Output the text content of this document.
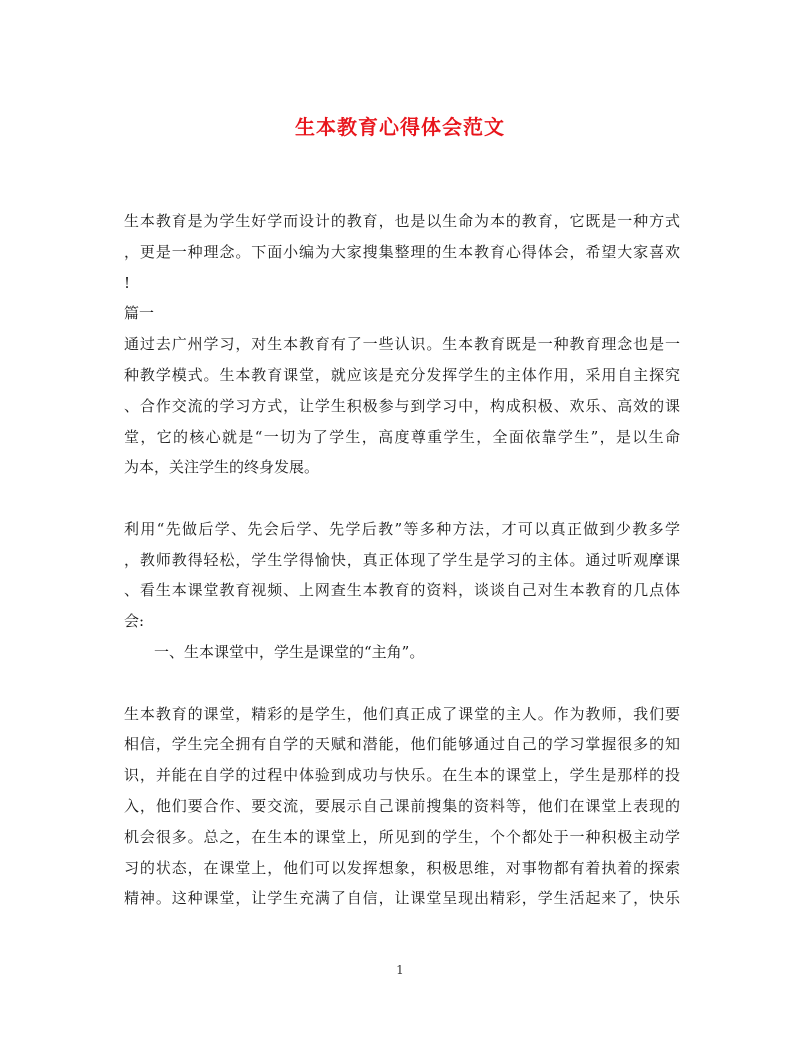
生本教育心得体会范文
生本教育是为学生好学而设计的教育，也是以生命为本的教育，它既是一种方式
，更是一种理念。下面小编为大家搜集整理的生本教育心得体会，希望大家喜欢
!
篇一
通过去广州学习，对生本教育有了一些认识。生本教育既是一种教育理念也是一
种教学模式。生本教育课堂，就应该是充分发挥学生的主体作用，采用自主探究
、合作交流的学习方式，让学生积极参与到学习中，构成积极、欢乐、高效的课
堂，它的核心就是“一切为了学生，高度尊重学生，全面依靠学生”，是以生命
为本，关注学生的终身发展。
利用“先做后学、先会后学、先学后教”等多种方法，才可以真正做到少教多学
，教师教得轻松，学生学得愉快，真正体现了学生是学习的主体。通过听观摩课
、看生本课堂教育视频、上网查生本教育的资料，谈谈自己对生本教育的几点体
会:
一、生本课堂中，学生是课堂的“主角”。
生本教育的课堂，精彩的是学生，他们真正成了课堂的主人。作为教师，我们要
相信，学生完全拥有自学的天赋和潜能，他们能够通过自己的学习掌握很多的知
识，并能在自学的过程中体验到成功与快乐。在生本的课堂上，学生是那样的投
入，他们要合作、要交流，要展示自己课前搜集的资料等，他们在课堂上表现的
机会很多。总之，在生本的课堂上，所见到的学生，个个都处于一种积极主动学
习的状态，在课堂上，他们可以发挥想象，积极思维，对事物都有着执着的探索
精神。这种课堂，让学生充满了自信，让课堂呈现出精彩，学生活起来了，快乐
1
